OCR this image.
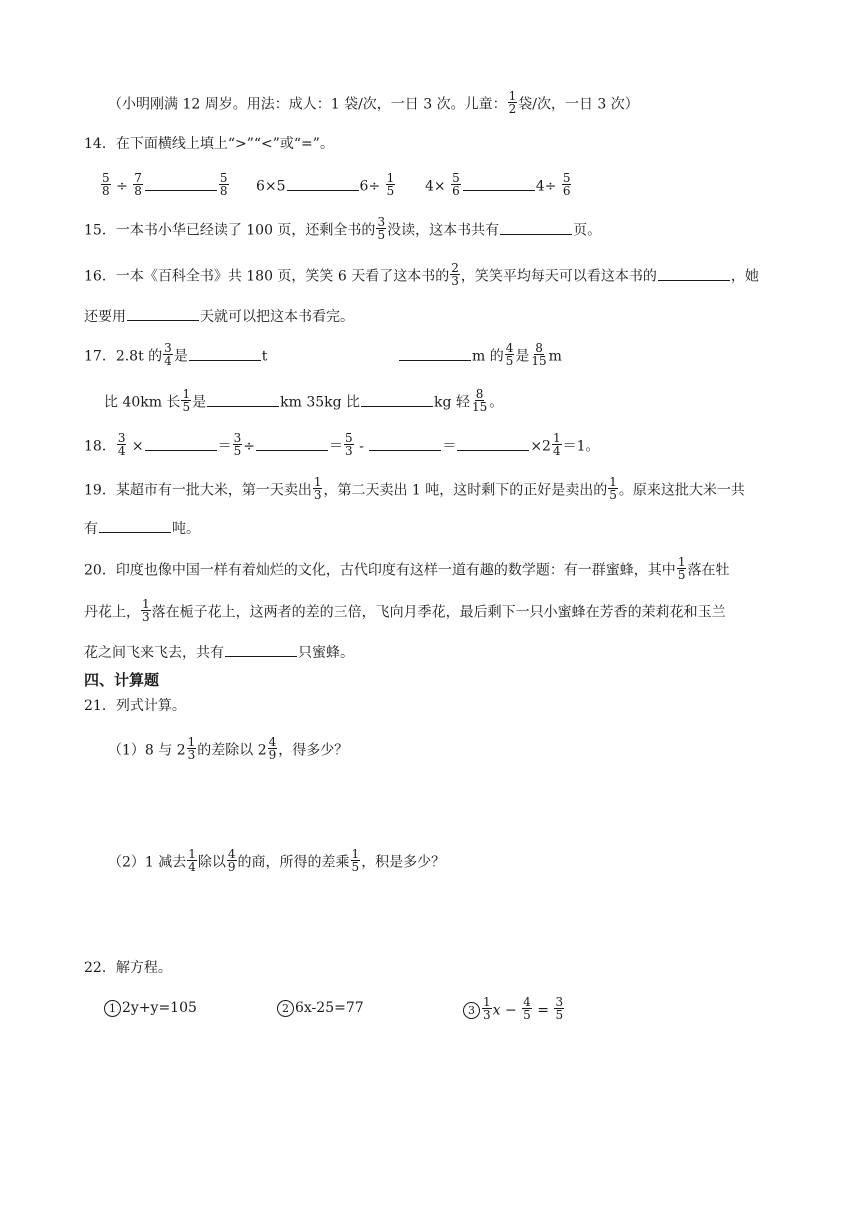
（小明刚满 12 周岁。用法：成人：1 袋/次，一日 3 次。儿童： $\frac{1}{2}$ 袋/次，一日 3 次）
14．在下面横线上填上“>”“<”或“=”。
$\frac{5}{8} \div \frac{7}{8}$	$\frac{5}{8} 6\times 5$	$6\div \frac{1}{5} 4\times \frac{5}{6}$	$4\div \frac{5}{6}$
15．一本书小华已经读了 100 页，还剩全书的 $\frac{3}{5}$ 没读，这本书共有	页。
16．一本《百科全书》共 180 页，笑笑 6 天看了这本书的 $\frac{2}{3}$ ，笑笑平均每天可以看这本书的	，她
还要用	天就可以把这本书看完。
17．2.8t 的 $\frac{3}{4}$ 是	t	m 的 $\frac{4}{5}$ 是 $\frac{8}{15}$ m
比 40km 长 $\frac{1}{5}$ 是	km 35kg 比	kg 轻 $\frac{8}{15}$ 。
18． $\frac{3}{4}$ ×	＝ $\frac{3}{5}$ ÷	＝ $\frac{5}{3}$ -	＝	$\times 2 \frac{1}{4} =1$。
19．某超市有一批大米，第一天卖出 $\frac{1}{3}$ ，第二天卖出 1 吨，这时剩下的正好是卖出的 $\frac{1}{5}$ 。原来这批大米一共
有	吨。
20．印度也像中国一样有着灿烂的文化，古代印度有这样一道有趣的数学题：有一群蜜蜂，其中 $\frac{1}{5}$ 落在牡
丹花上， $\frac{1}{3}$ 落在栀子花上，这两者的差的三倍，飞向月季花，最后剩下一只小蜜蜂在芳香的茉莉花和玉兰
花之间飞来飞去，共有	只蜜蜂。
四、计算题
21．列式计算。
（1）8 与 $2 \frac{1}{3}$ 的差除以 $2 \frac{4}{9}$ ，得多少？
（2）1 减去 $\frac{1}{4}$ 除以 $\frac{4}{9}$ 的商，所得的差乘 $\frac{1}{5}$ ，积是多少？
22．解方程。
1 2y+y=105	2 6x-25=77	$3 \frac{1}{3}$ $x - \frac{4}{5} = \frac{3}{5}$
